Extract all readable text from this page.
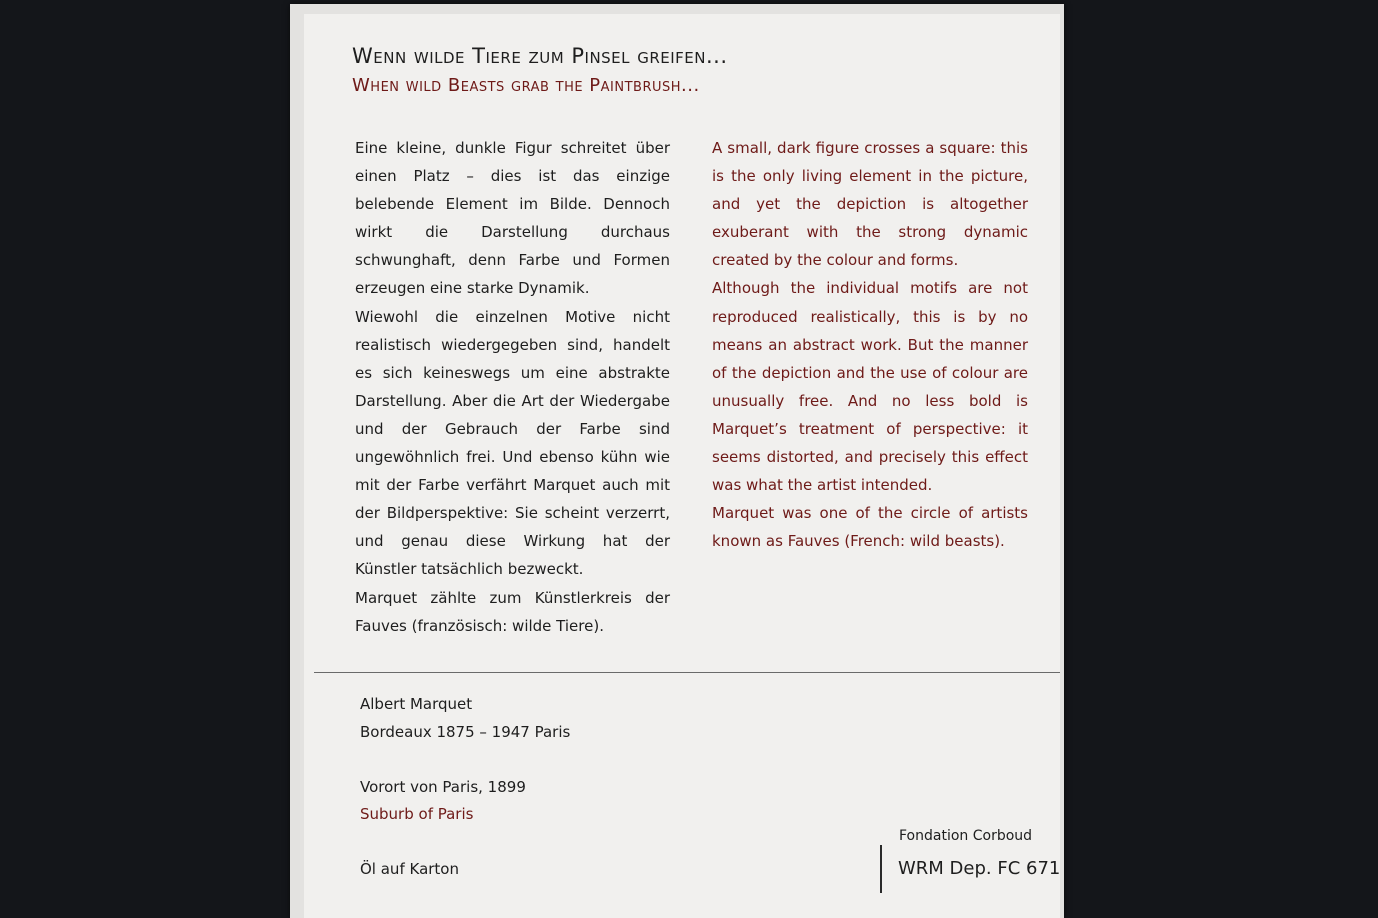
Wenn wilde Tiere zum Pinsel greifen...
When wild Beasts grab the Paintbrush...

Eine kleine, dunkle Figur schreitet über einen Platz – dies ist das einzige belebende Element im Bilde. Dennoch wirkt die Darstellung durchaus schwunghaft, denn Farbe und Formen erzeugen eine starke Dynamik.

Wiewohl die einzelnen Motive nicht realistisch wiedergegeben sind, handelt es sich keineswegs um eine abstrakte Darstellung. Aber die Art der Wiedergabe und der Gebrauch der Farbe sind ungewöhnlich frei. Und ebenso kühn wie mit der Farbe verfährt Marquet auch mit der Bildperspektive: Sie scheint verzerrt, und genau diese Wirkung hat der Künstler tatsächlich bezweckt.

Marquet zählte zum Künstlerkreis der Fauves (französisch: wilde Tiere).

A small, dark figure crosses a square: this is the only living element in the picture, and yet the depiction is altogether exuberant with the strong dynamic created by the colour and forms.

Although the individual motifs are not reproduced realistically, this is by no means an abstract work. But the manner of the depiction and the use of colour are unusually free. And no less bold is Marquet’s treatment of perspective: it seems distorted, and precisely this effect was what the artist intended.

Marquet was one of the circle of artists known as Fauves (French: wild beasts).

Albert Marquet

Bordeaux 1875 – 1947 Paris

Vorort von Paris, 1899

Suburb of Paris

Öl auf Karton

Fondation Corboud

WRM Dep. FC 671
